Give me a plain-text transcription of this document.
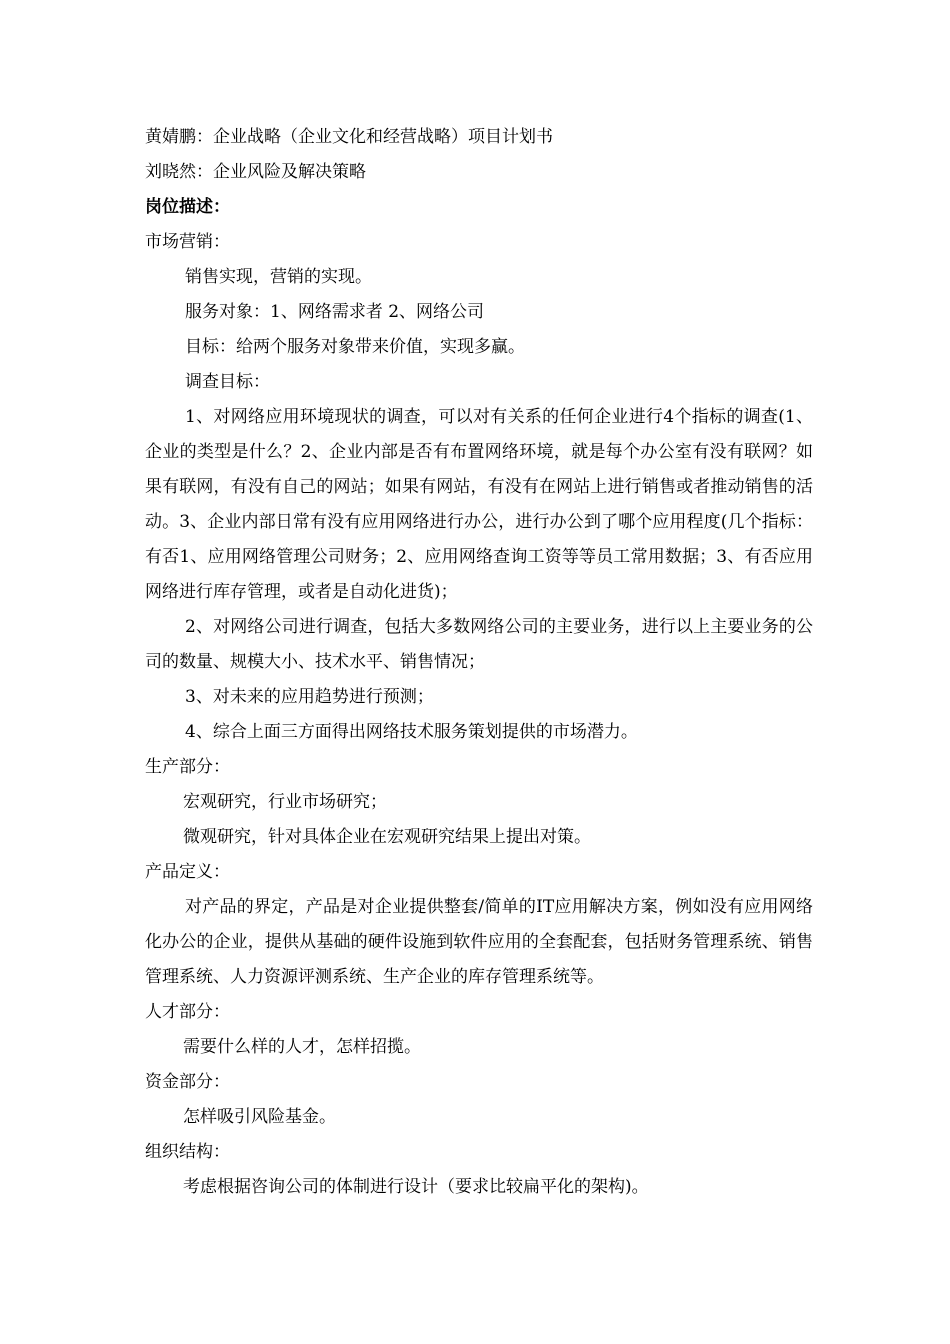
黄婧鹏：企业战略（企业文化和经营战略）项目计划书

刘晓然：企业风险及解决策略

岗位描述：

市场营销：

销售实现，营销的实现。

服务对象：1、网络需求者 2、网络公司

目标：给两个服务对象带来价值，实现多赢。

调查目标：

1、对网络应用环境现状的调查，可以对有关系的任何企业进行4个指标的调查(1、企业的类型是什么？2、企业内部是否有布置网络环境，就是每个办公室有没有联网？如果有联网，有没有自己的网站；如果有网站，有没有在网站上进行销售或者推动销售的活动。3、企业内部日常有没有应用网络进行办公，进行办公到了哪个应用程度(几个指标：有否1、应用网络管理公司财务；2、应用网络查询工资等等员工常用数据；3、有否应用网络进行库存管理，或者是自动化进货)；

2、对网络公司进行调查，包括大多数网络公司的主要业务，进行以上主要业务的公司的数量、规模大小、技术水平、销售情况；

3、对未来的应用趋势进行预测；

4、综合上面三方面得出网络技术服务策划提供的市场潜力。

生产部分：

宏观研究，行业市场研究；

微观研究，针对具体企业在宏观研究结果上提出对策。

产品定义：

对产品的界定，产品是对企业提供整套/简单的IT应用解决方案，例如没有应用网络化办公的企业，提供从基础的硬件设施到软件应用的全套配套，包括财务管理系统、销售管理系统、人力资源评测系统、生产企业的库存管理系统等。

人才部分：

需要什么样的人才，怎样招揽。

资金部分：

怎样吸引风险基金。

组织结构：

考虑根据咨询公司的体制进行设计（要求比较扁平化的架构)。
